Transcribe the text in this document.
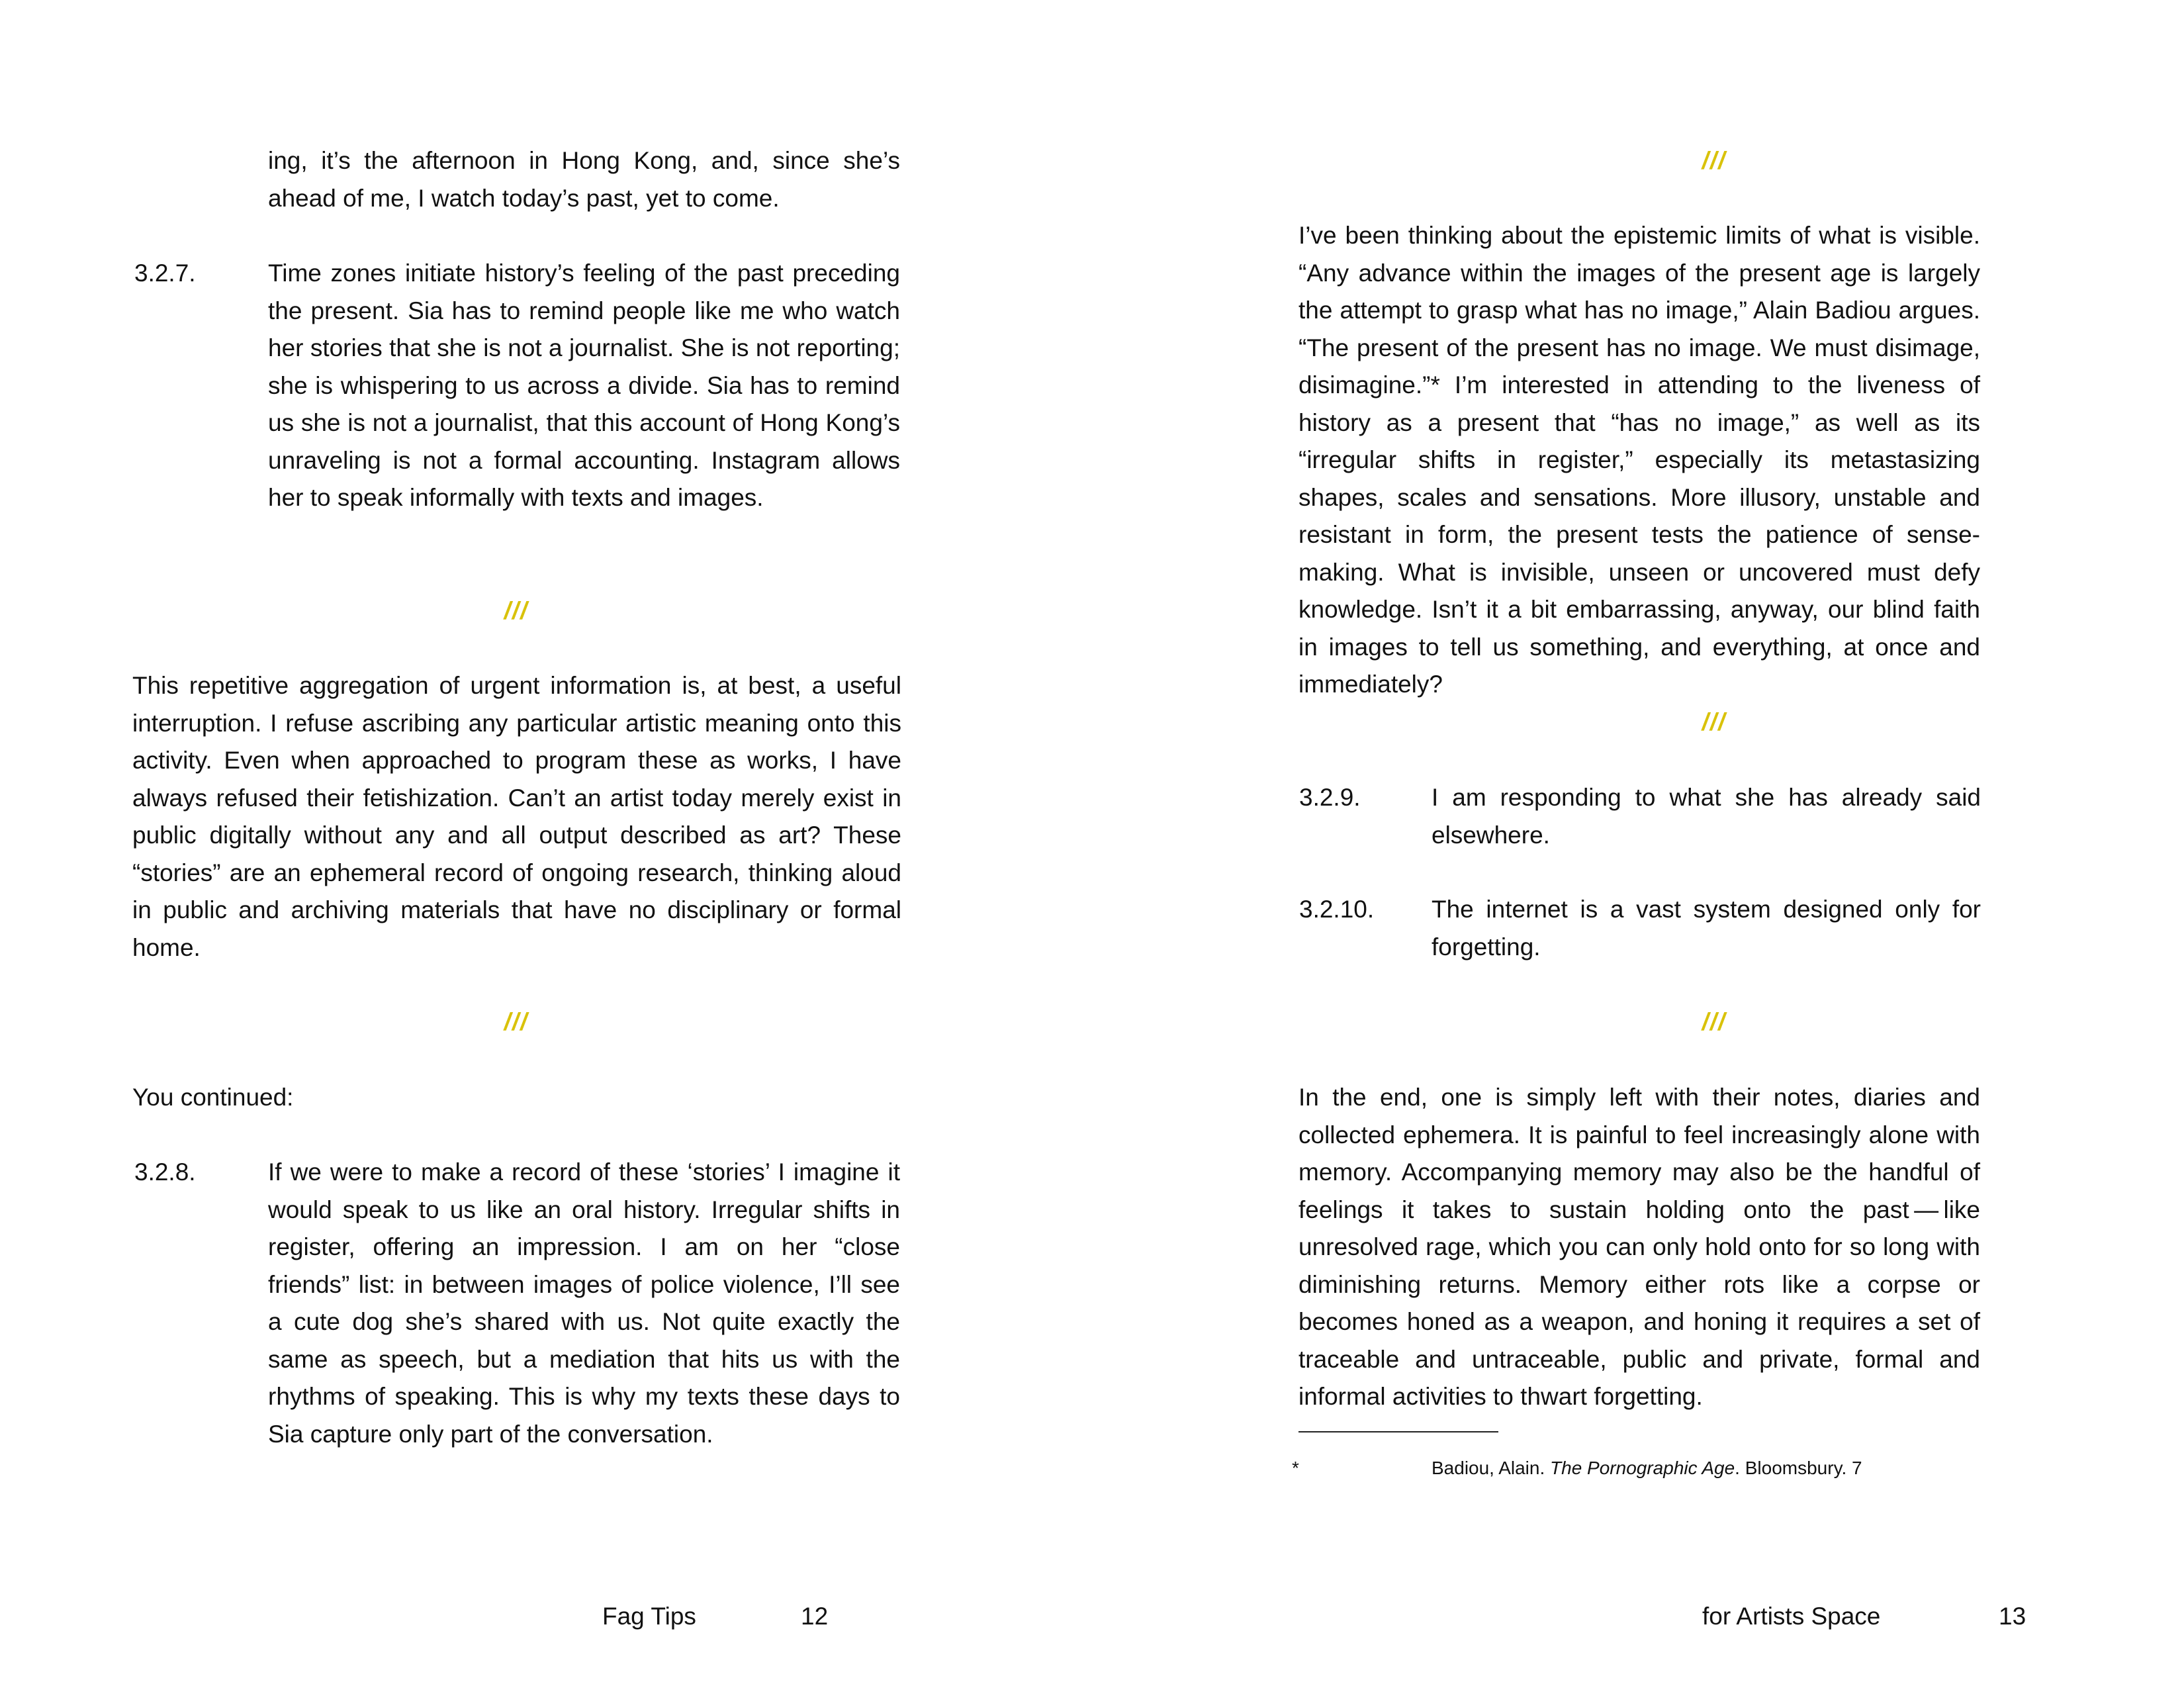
ing, it’s the afternoon in Hong Kong, and, since she’s ahead of me, I watch today’s past, yet to come.
3.2.7.	Time zones initiate history’s feeling of the past preceding the present. Sia has to remind people like me who watch her stories that she is not a journalist. She is not reporting; she is whispering to us across a divide. Sia has to remind us she is not a journalist, that this account of Hong Kong’s unraveling is not a formal accounting. Instagram allows her to speak informally with texts and images.
///
This repetitive aggregation of urgent information is, at best, a useful interruption. I refuse ascribing any particular artistic meaning onto this activity. Even when approached to program these as works, I have always refused their fetishization. Can’t an artist today merely exist in public digitally without any and all output described as art? These “stories” are an ephemeral record of ongoing research, thinking aloud in public and archiving materials that have no disciplinary or formal home.
///
You continued:
3.2.8.	If we were to make a record of these ‘stories’ I imagine it would speak to us like an oral history. Irregular shifts in register, offering an impression. I am on her “close friends” list: in between images of police violence, I’ll see a cute dog she’s shared with us. Not quite exactly the same as speech, but a mediation that hits us with the rhythms of speaking. This is why my texts these days to Sia capture only part of the conversation.
Fag Tips	12
///
I’ve been thinking about the epistemic limits of what is visible. “Any advance within the images of the present age is largely the attempt to grasp what has no image,” Alain Badiou argues. “The present of the present has no image. We must disimage, disimagine.”* I’m interested in attending to the liveness of history as a present that “has no image,” as well as its “irregular shifts in register,” especially its metastasizing shapes, scales and sensations. More illusory, unstable and resistant in form, the present tests the patience of sense-making. What is invisible, unseen or uncovered must defy knowledge. Isn’t it a bit embarrassing, anyway, our blind faith in images to tell us something, and everything, at once and immediately?
///
3.2.9.	I am responding to what she has already said elsewhere.
3.2.10. The internet is a vast system designed only for forgetting.
///
In the end, one is simply left with their notes, diaries and collected ephemera. It is painful to feel increasingly alone with memory. Accompanying memory may also be the handful of feelings it takes to sustain holding onto the past — like unresolved rage, which you can only hold onto for so long with diminishing returns. Memory either rots like a corpse or becomes honed as a weapon, and honing it requires a set of traceable and untraceable, public and private, formal and informal activities to thwart forgetting.
*	Badiou, Alain. The Pornographic Age. Bloomsbury. 7
for Artists Space	13
